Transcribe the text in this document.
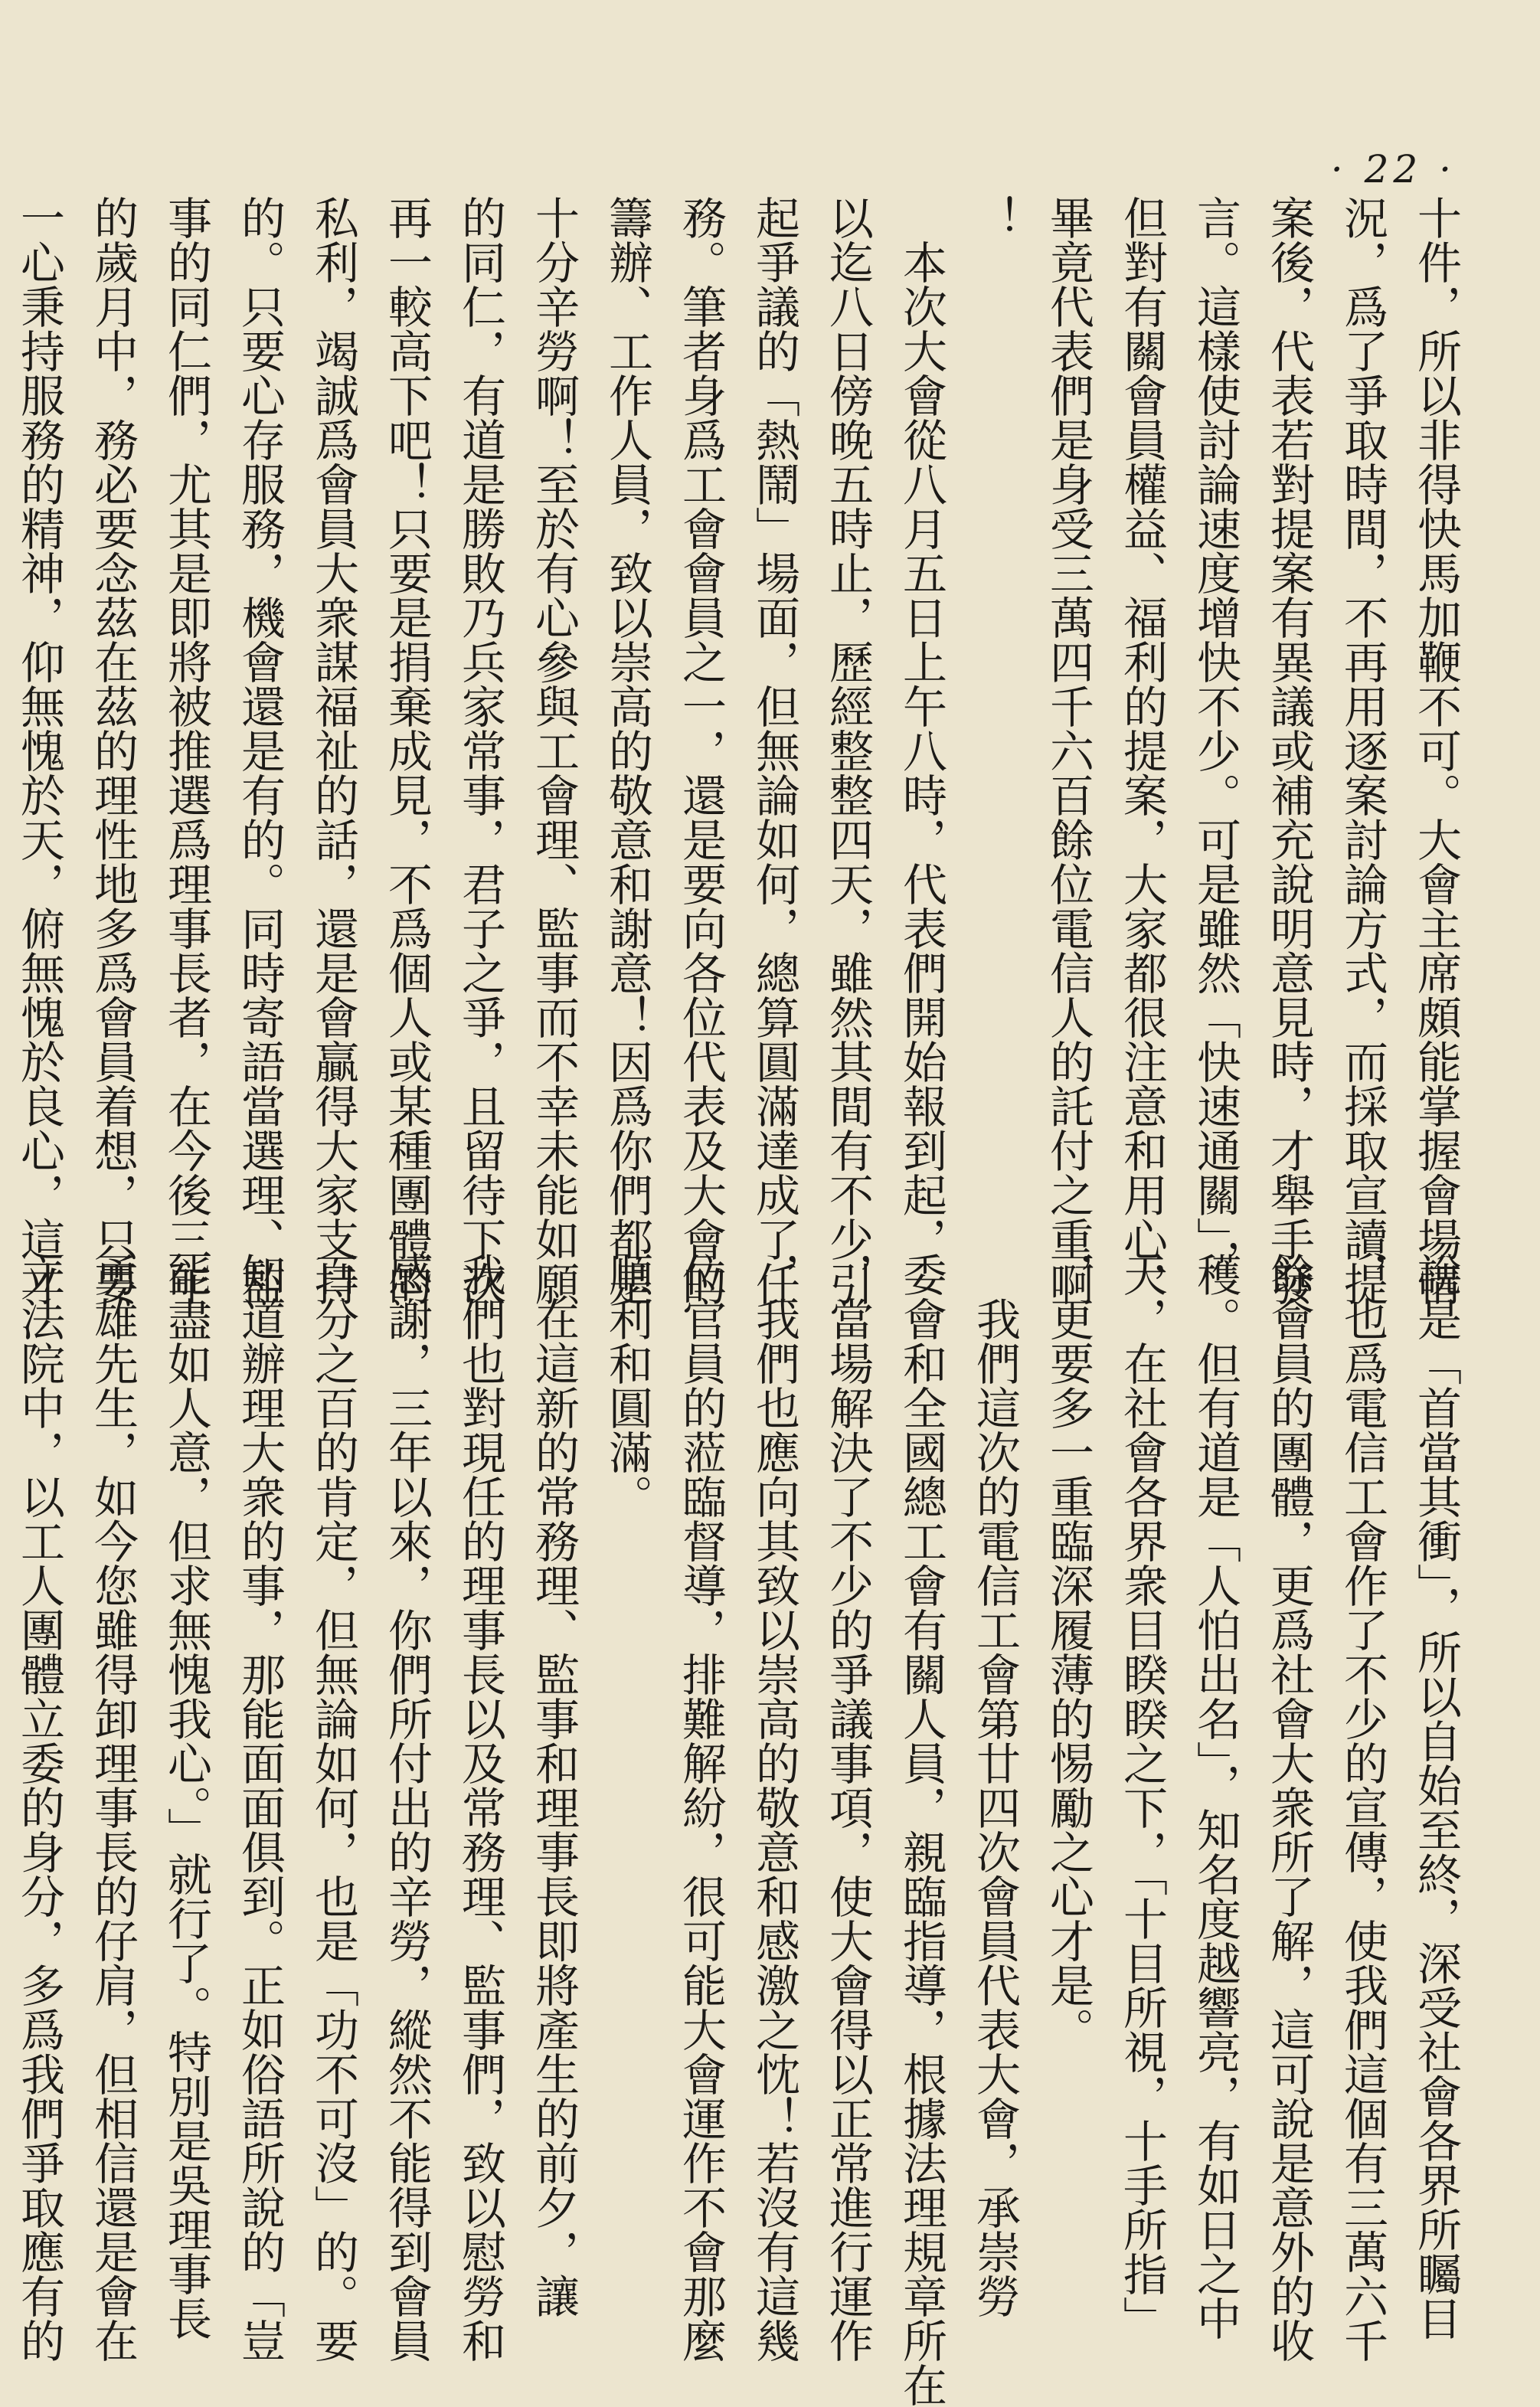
· 22 ·
十件，所以非得快馬加鞭不可。大會主席頗能掌握會場情
況，爲了爭取時間，不再用逐案討論方式，而採取宣讀提
案後，代表若對提案有異議或補充說明意見時，才舉手發
言。這樣使討論速度增快不少。可是雖然「快速通關」，
但對有關會員權益、福利的提案，大家都很注意和用心，
畢竟代表們是身受三萬四千六百餘位電信人的託付之重啊
！
　本次大會從八月五日上午八時，代表們開始報到起，
以迄八日傍晚五時止，歷經整整四天，雖然其間有不少引
起爭議的「熱鬧」場面，但無論如何，總算圓滿達成了任
務。筆者身爲工會會員之一，還是要向各位代表及大會的
籌辦、工作人員，致以崇高的敬意和謝意！因爲你們都是
十分辛勞啊！至於有心參與工會理、監事而不幸未能如願
的同仁，有道是勝敗乃兵家常事，君子之爭，且留待下次
再一較高下吧！只要是捐棄成見，不爲個人或某種團體的
私利，竭誠爲會員大衆謀福祉的話，還是會贏得大家支持
的。只要心存服務，機會還是有的。同時寄語當選理、監
事的同仁們，尤其是即將被推選爲理事長者，在今後三年
的歲月中，務必要念茲在茲的理性地多爲會員着想，只要
一心秉持服務的精神，仰無愧於天，俯無愧於良心，這才
說是「首當其衝」，所以自始至終，深受社會各界所矚目
，也爲電信工會作了不少的宣傳，使我們這個有三萬六千
餘會員的團體，更爲社會大衆所了解，這可說是意外的收
穫。但有道是「人怕出名」，知名度越響亮，有如日之中
天，在社會各界衆目睽睽之下，「十目所視，十手所指」
，更要多一重臨深履薄的惕勵之心才是。
　我們這次的電信工會第廿四次會員代表大會，承崇勞
委會和全國總工會有關人員，親臨指導，根據法理規章所在
，當場解決了不少的爭議事項，使大會得以正常進行運作
，我們也應向其致以崇高的敬意和感激之忱！若沒有這幾
位官員的蒞臨督導，排難解紛，很可能大會運作不會那麼
順利和圓滿。
　在這新的常務理、監事和理事長即將產生的前夕，讓
我們也對現任的理事長以及常務理、監事們，致以慰勞和
感謝，三年以來，你們所付出的辛勞，縱然不能得到會員
百分之百的肯定，但無論如何，也是「功不可沒」的。要
知道辦理大衆的事，那能面面俱到。正如俗語所說的「豈
能盡如人意，但求無愧我心。」就行了。特別是吳理事長
勇雄先生，如今您雖得卸理事長的仔肩，但相信還是會在
立法院中，以工人團體立委的身分，多爲我們爭取應有的
